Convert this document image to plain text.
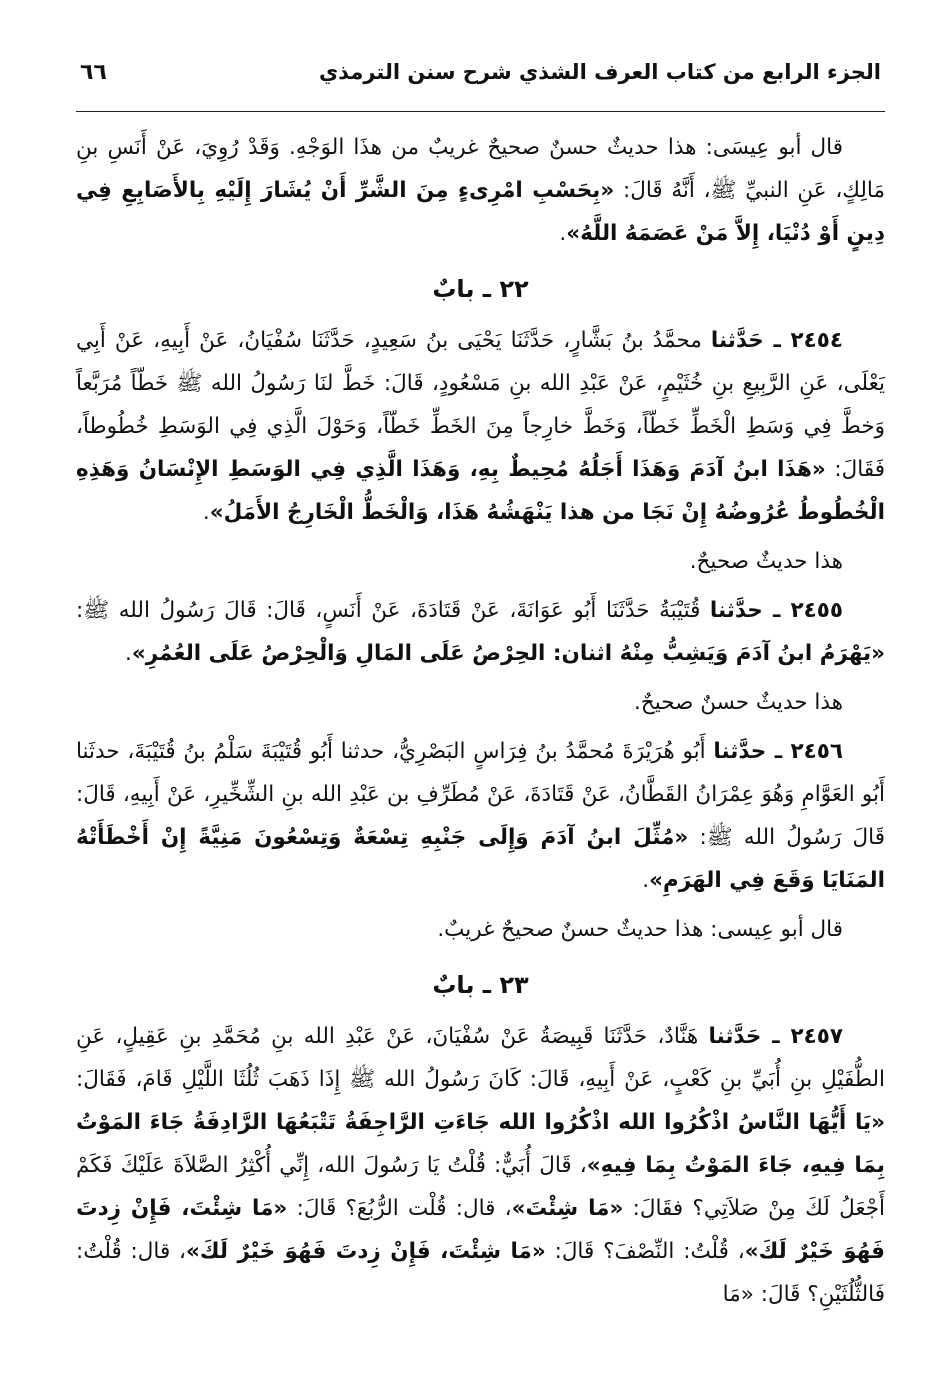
الجزء الرابع من كتاب العرف الشذي شرح سنن الترمذي
٦٦

قال أبو عِيسَى: هذا حديثٌ حسنٌ صحيحٌ غريبٌ من هذَا الوَجْهِ. وَقَدْ رُوِيَ، عَنْ أَنَسِ بنِ مَالِكٍ، عَنِ النبيِّ ﷺ، أَنَّهُ قَالَ: «بِحَسْبِ امْرِىءٍ مِنَ الشَّرِّ أَنْ يُشَارَ إِلَيْهِ بِالأَصَابِعِ فِي دِينٍ أَوْ دُنْيَا، إِلاَّ مَنْ عَصَمَهُ اللَّهُ».

٢٢ ـ بابٌ

٢٤٥٤ ـ حَدَّثنا محمَّدُ بنُ بَشَّارٍ، حَدَّثَنَا يَحْيَى بنُ سَعِيدٍ، حَدَّثَنَا سُفْيَانُ، عَنْ أَبِيهِ، عَنْ أَبِي يَعْلَى، عَنِ الرَّبِيعِ بنِ خُثَيْمٍ، عَنْ عَبْدِ الله بنِ مَسْعُودٍ، قَالَ: خَطَّ لنَا رَسُولُ الله ﷺ خَطّاً مُرَبَّعاً وَخطَّ فِي وَسَطِ الْخَطِّ خَطّاً، وَخَطَّ خارِجاً مِنَ الخَطِّ خَطّاً، وَحَوْلَ الَّذِي فِي الوَسَطِ خُطُوطاً، فَقَالَ: «هَذَا ابنُ آدَمَ وَهَذَا أَجَلُهُ مُحِيطٌ بِهِ، وَهَذَا الَّذِي فِي الوَسَطِ الإِنْسَانُ وَهَذِهِ الْخُطُوطُ عُرُوضُهُ إِنْ نَجَا من هذا يَنْهَشُهُ هَذَا، وَالْخَطُّ الْخَارِجُ الأَمَلُ».

هذا حديثٌ صحيحٌ.

٢٤٥٥ ـ حدَّثنا قُتَيْبَةُ حَدَّثَنَا أَبُو عَوَانَةَ، عَنْ قَتَادَةَ، عَنْ أَنَسٍ، قَالَ: قَالَ رَسُولُ الله ﷺ: «يَهْرَمُ ابنُ آدَمَ وَيَشِبُّ مِنْهُ اثنان: الحِرْصُ عَلَى المَالِ وَالْحِرْصُ عَلَى العُمُرِ».

هذا حديثٌ حسنٌ صحيحٌ.

٢٤٥٦ ـ حدَّثنا أَبُو هُرَيْرَةَ مُحمَّدُ بنُ فِرَاسٍ البَصْرِيُّ، حدثنا أَبُو قُتَيْبَةَ سَلْمُ بنُ قُتَيْبَةَ، حدثَنا أَبُو العَوَّامِ وَهُوَ عِمْرَانُ القَطَّانُ، عَنْ قَتَادَةَ، عَنْ مُطَرِّفِ بن عَبْدِ الله بنِ الشِّخِّيرِ، عَنْ أَبِيهِ، قَالَ: قَالَ رَسُولُ الله ﷺ: «مُثِّلَ ابنُ آدَمَ وَإِلَى جَنْبِهِ تِسْعَةٌ وَتِسْعُونَ مَنِيَّةً إِنْ أَخْطَأَتْهُ المَنَايَا وَقَعَ فِي الهَرَمِ».

قال أبو عِيسى: هذا حديثٌ حسنٌ صحيحٌ غريبٌ.

٢٣ ـ بابٌ

٢٤٥٧ ـ حَدَّثنا هَنَّادٌ، حَدَّثَنَا قَبِيصَةُ عَنْ سُفْيَانَ، عَنْ عَبْدِ الله بنِ مُحَمَّدِ بنِ عَقِيلٍ، عَنِ الطُّفَيْلِ بنِ أُبَيِّ بنِ كَعْبٍ، عَنْ أَبِيهِ، قَالَ: كَانَ رَسُولُ الله ﷺ إِذَا ذَهَبَ ثُلُثَا اللَّيْلِ قَامَ، فَقَالَ: «يَا أَيُّهَا النَّاسُ اذْكُرُوا الله اذْكُرُوا الله جَاءَتِ الرَّاجِفَةُ تَتْبَعُهَا الرَّادِفَةُ جَاءَ المَوْتُ بِمَا فِيهِ، جَاءَ المَوْتُ بِمَا فِيهِ»، قَالَ أُبَيٌّ: قُلْتُ يَا رَسُولَ الله، إِنِّي أُكْثِرُ الصَّلاَةَ عَلَيْكَ فَكَمْ أَجْعَلُ لَكَ مِنْ صَلاَتِي؟ فقَالَ: «مَا شِئْتَ»، قال: قُلْت الرُّبُعَ؟ قَالَ: «مَا شِئْتَ، فَإِنْ زِدتَ فَهُوَ خَيْرٌ لَكَ»، قُلْتُ: النِّصْفَ؟ قَالَ: «مَا شِئْتَ، فَإِنْ زِدتَ فَهُوَ خَيْرٌ لَكَ»، قال: قُلْتُ: فَالثُّلُثَيْنِ؟ قَالَ: «مَا
